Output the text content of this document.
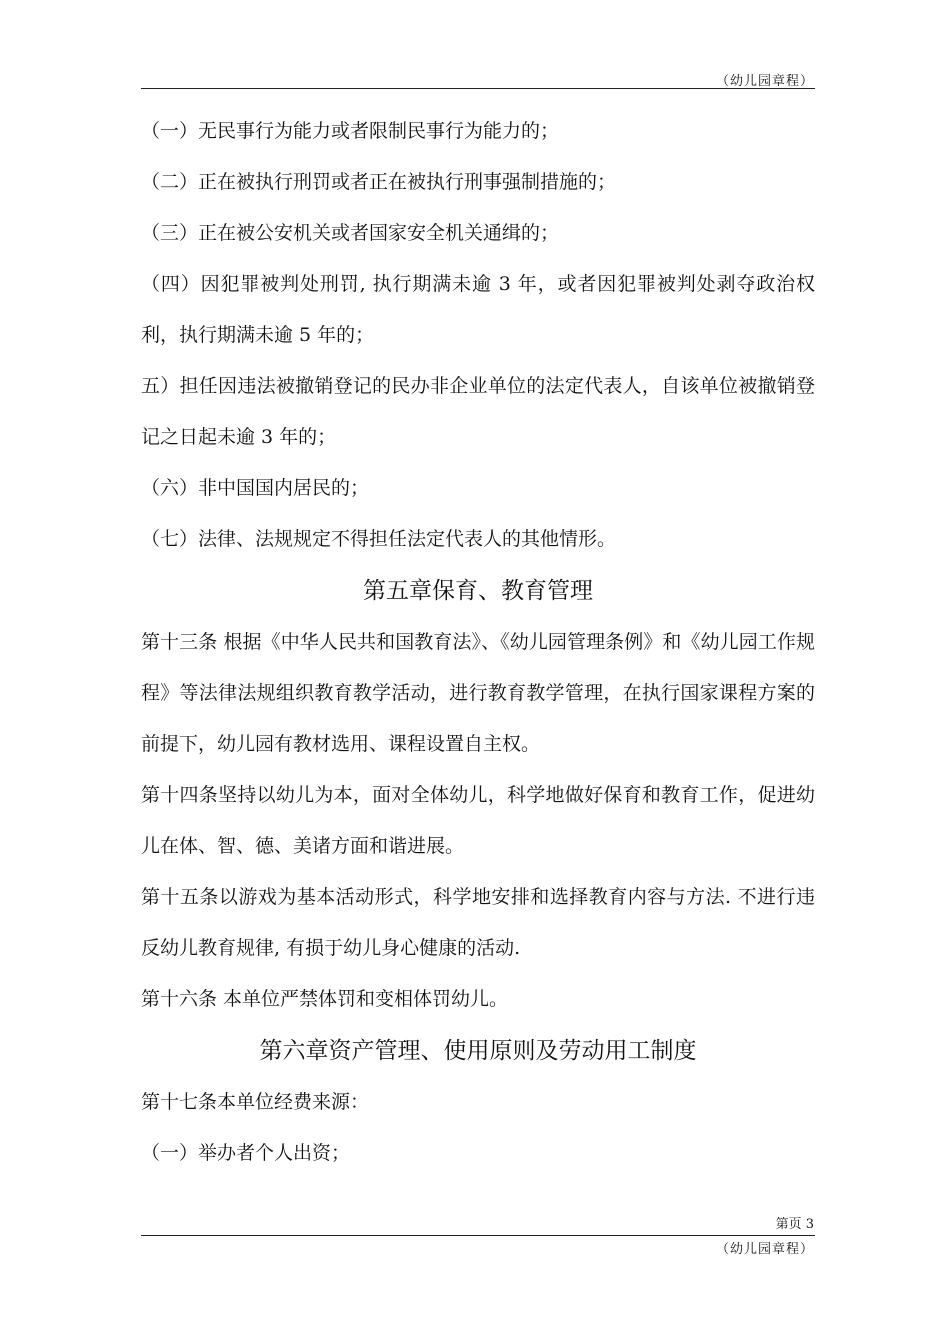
（幼儿园章程）

（一）无民事行为能力或者限制民事行为能力的；

（二）正在被执行刑罚或者正在被执行刑事强制措施的；

（三）正在被公安机关或者国家安全机关通缉的；

（四）因犯罪被判处刑罚, 执行期满未逾 3 年，或者因犯罪被判处剥夺政治权利，执行期满未逾 5 年的；

五）担任因违法被撤销登记的民办非企业单位的法定代表人，自该单位被撤销登记之日起未逾 3 年的；

（六）非中国国内居民的；

（七）法律、法规规定不得担任法定代表人的其他情形。

第五章保育、教育管理

第十三条 根据《中华人民共和国教育法》、《幼儿园管理条例》和《幼儿园工作规程》等法律法规组织教育教学活动，进行教育教学管理，在执行国家课程方案的前提下，幼儿园有教材选用、课程设置自主权。

第十四条坚持以幼儿为本，面对全体幼儿，科学地做好保育和教育工作，促进幼儿在体、智、德、美诸方面和谐进展。

第十五条以游戏为基本活动形式，科学地安排和选择教育内容与方法. 不进行违反幼儿教育规律, 有损于幼儿身心健康的活动.

第十六条 本单位严禁体罚和变相体罚幼儿。

第六章资产管理、使用原则及劳动用工制度

第十七条本单位经费来源：

（一）举办者个人出资；

第页 3
（幼儿园章程）
